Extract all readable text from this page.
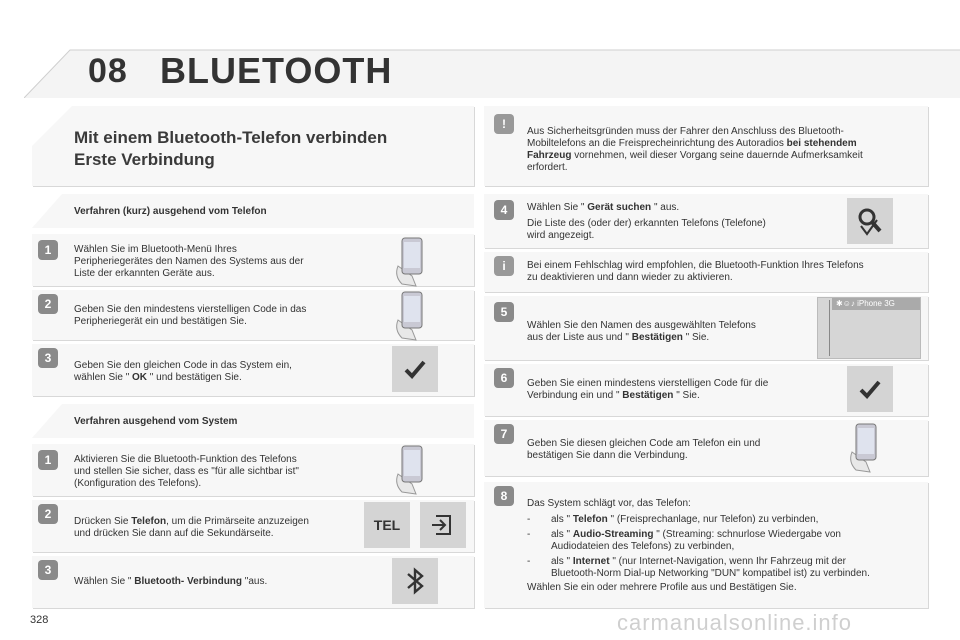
08 BLUETOOTH
Mit einem Bluetooth-Telefon verbinden
Erste Verbindung
!
Aus Sicherheitsgründen muss der Fahrer den Anschluss des Bluetooth-
Mobiltelefons an die Freisprecheinrichtung des Autoradios bei stehendem
Fahrzeug vornehmen, weil dieser Vorgang seine dauernde Aufmerksamkeit
erfordert.
Verfahren (kurz) ausgehend vom Telefon
1	Wählen Sie im Bluetooth-Menü Ihres
Peripheriegerätes den Namen des Systems aus der
Liste der erkannten Geräte aus.
2	Geben Sie den mindestens vierstelligen Code in das
Peripheriegerät ein und bestätigen Sie.
3
Geben Sie den gleichen Code in das System ein,
wählen Sie " OK " und bestätigen Sie.
Verfahren ausgehend vom System
1	Aktivieren Sie die Bluetooth-Funktion des Telefons
und stellen Sie sicher, dass es "für alle sichtbar ist"
(Konfiguration des Telefons).
2
Drücken Sie Telefon, um die Primärseite anzuzeigen
und drücken Sie dann auf die Sekundärseite.
TEL
3
Wählen Sie " Bluetooth- Verbindung "aus.
4	Wählen Sie " Gerät suchen " aus.
Die Liste des (oder der) erkannten Telefons (Telefone)
wird angezeigt.
i	Bei einem Fehlschlag wird empfohlen, die Bluetooth-Funktion Ihres Telefons
zu deaktivieren und dann wieder zu aktivieren.
5
Wählen Sie den Namen des ausgewählten Telefons
aus der Liste aus und " Bestätigen " Sie.
✱☺♪ iPhone 3G
6	Geben Sie einen mindestens vierstelligen Code für die
Verbindung ein und " Bestätigen " Sie.
7
Geben Sie diesen gleichen Code am Telefon ein und
bestätigen Sie dann die Verbindung.
8
Das System schlägt vor, das Telefon:
- als " Telefon " (Freisprechanlage, nur Telefon) zu verbinden,
- als " Audio-Streaming " (Streaming: schnurlose Wiedergabe von
Audiodateien des Telefons) zu verbinden,
- als " Internet " (nur Internet-Navigation, wenn Ihr Fahrzeug mit der
Bluetooth-Norm Dial-up Networking "DUN" kompatibel ist) zu verbinden.
Wählen Sie ein oder mehrere Profile aus und Bestätigen Sie.
328	carmanualsonline.info
